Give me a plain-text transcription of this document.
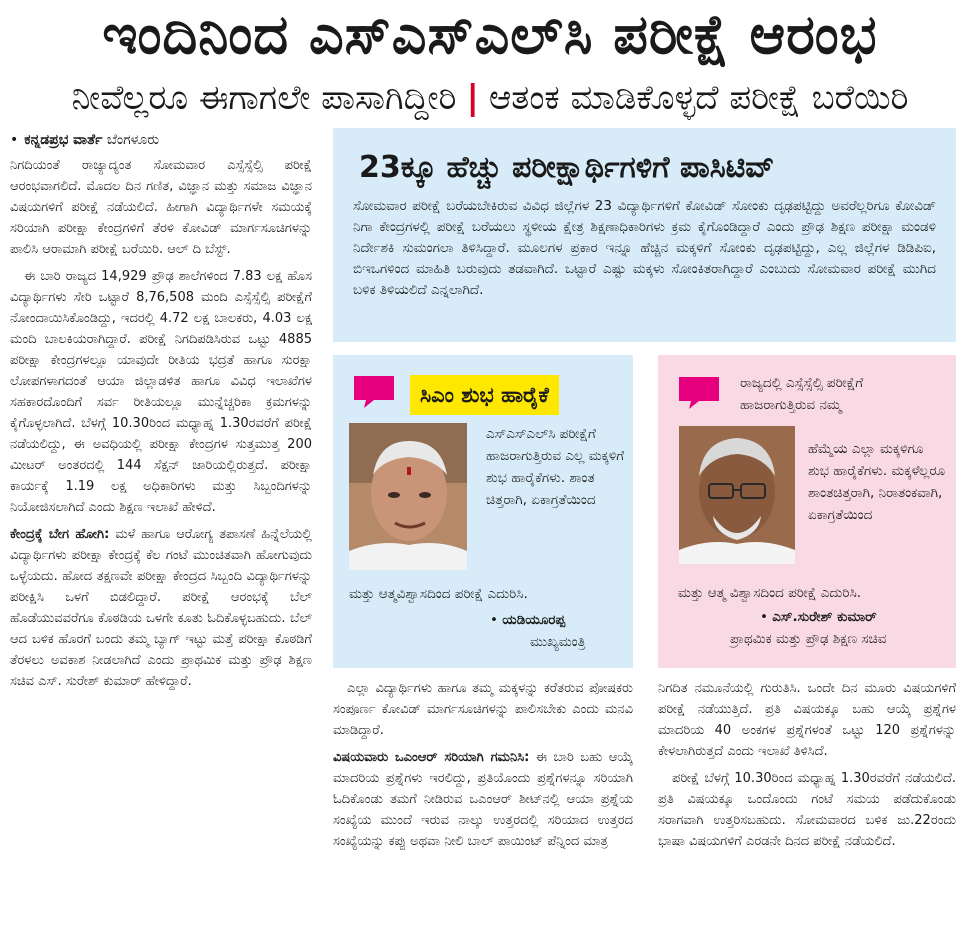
ಇಂದಿನಿಂದ ಎಸ್‌ಎಸ್‌ಎಲ್‌ಸಿ ಪರೀಕ್ಷೆ ಆರಂಭ
ನೀವೆಲ್ಲರೂ ಈಗಾಗಲೇ ಪಾಸಾಗಿದ್ದೀರಿ | ಆತಂಕ ಮಾಡಿಕೊಳ್ಳದೆ ಪರೀಕ್ಷೆ ಬರೆಯಿರಿ
• ಕನ್ನಡಪ್ರಭ ವಾರ್ತೆ ಬೆಂಗಳೂರು

ನಿಗದಿಯಂತೆ ರಾಜ್ಯಾದ್ಯಂತ ಸೋಮವಾರ ಎಸ್ಸೆಸ್ಸೆಲ್ಸಿ ಪರೀಕ್ಷೆ ಆರಂಭವಾಗಲಿದೆ. ಮೊದಲ ದಿನ ಗಣಿತ, ವಿಜ್ಞಾನ ಮತ್ತು ಸಮಾಜ ವಿಜ್ಞಾನ ವಿಷಯಗಳಿಗೆ ಪರೀಕ್ಷೆ ನಡೆಯಲಿದೆ. ಹೀಗಾಗಿ ವಿದ್ಯಾರ್ಥಿಗಳೇ ಸಮಯಕ್ಕೆ ಸರಿಯಾಗಿ ಪರೀಕ್ಷಾ ಕೇಂದ್ರಗಳಿಗೆ ತೆರಳಿ ಕೋವಿಡ್ ಮಾರ್ಗಸೂಚಿಗಳನ್ನು ಪಾಲಿಸಿ ಆರಾಮಾಗಿ ಪರೀಕ್ಷೆ ಬರೆಯಿರಿ. ಆಲ್ ದಿ ಬೆಸ್ಟ್.

ಈ ಬಾರಿ ರಾಜ್ಯದ 14,929 ಪ್ರೌಢ ಶಾಲೆಗಳಿಂದ 7.83 ಲಕ್ಷ ಹೊಸ ವಿದ್ಯಾರ್ಥಿಗಳು ಸೇರಿ ಒಟ್ಟಾರೆ 8,76,508 ಮಂದಿ ಎಸ್ಸೆಸ್ಸೆಲ್ಸಿ ಪರೀಕ್ಷೆಗೆ ನೋಂದಾಯಿಸಿಕೊಂಡಿದ್ದು, ಇದರಲ್ಲಿ 4.72 ಲಕ್ಷ ಬಾಲಕರು, 4.03 ಲಕ್ಷ ಮಂದಿ ಬಾಲಕಿಯರಾಗಿದ್ದಾರೆ. ಪರೀಕ್ಷೆ ನಿಗದಿಪಡಿಸಿರುವ ಒಟ್ಟು 4885 ಪರೀಕ್ಷಾ ಕೇಂದ್ರಗಳಲ್ಲೂ ಯಾವುದೇ ರೀತಿಯ ಭದ್ರತೆ ಹಾಗೂ ಸುರಕ್ಷಾ ಲೋಪಗಳಾಗದಂತೆ ಆಯಾ ಜಿಲ್ಲಾಡಳಿತ ಹಾಗೂ ವಿವಿಧ ಇಲಾಖೆಗಳ ಸಹಕಾರದೊಂದಿಗೆ ಸರ್ವ ರೀತಿಯಲ್ಲೂ ಮುನ್ನೆಚ್ಚರಿಕಾ ಕ್ರಮಗಳನ್ನು ಕೈಗೊಳ್ಳಲಾಗಿದೆ. ಬೆಳಗ್ಗೆ 10.30ರಿಂದ ಮಧ್ಯಾಹ್ನ 1.30ರವರೆಗೆ ಪರೀಕ್ಷೆ ನಡೆಯಲಿದ್ದು, ಈ ಅವಧಿಯಲ್ಲಿ ಪರೀಕ್ಷಾ ಕೇಂದ್ರಗಳ ಸುತ್ತಮುತ್ತ 200 ಮೀಟರ್ ಅಂತರದಲ್ಲಿ 144 ಸೆಕ್ಷನ್ ಜಾರಿಯಲ್ಲಿರುತ್ತದೆ. ಪರೀಕ್ಷಾ ಕಾರ್ಯಕ್ಕೆ 1.19 ಲಕ್ಷ ಅಧಿಕಾರಿಗಳು ಮತ್ತು ಸಿಬ್ಬಂದಿಗಳನ್ನು ನಿಯೋಜಿಸಲಾಗಿದೆ ಎಂದು ಶಿಕ್ಷಣ ಇಲಾಖೆ ಹೇಳಿದೆ.

ಕೇಂದ್ರಕ್ಕೆ ಬೇಗ ಹೋಗಿ: ಮಳೆ ಹಾಗೂ ಆರೋಗ್ಯ ತಪಾಸಣೆ ಹಿನ್ನೆಲೆಯಲ್ಲಿ ವಿದ್ಯಾರ್ಥಿಗಳು ಪರೀಕ್ಷಾ ಕೇಂದ್ರಕ್ಕೆ ಕೆಲ ಗಂಟೆ ಮುಂಚಿತವಾಗಿ ಹೋಗುವುದು ಒಳ್ಳೆಯದು. ಹೋದ ತಕ್ಷಣವೇ ಪರೀಕ್ಷಾ ಕೇಂದ್ರದ ಸಿಬ್ಬಂದಿ ವಿದ್ಯಾರ್ಥಿಗಳನ್ನು ಪರೀಕ್ಷಿಸಿ ಒಳಗೆ ಬಿಡಲಿದ್ದಾರೆ. ಪರೀಕ್ಷೆ ಆರಂಭಕ್ಕೆ ಬೆಲ್ ಹೊಡೆಯುವವರೆಗೂ ಕೊಠಡಿಯ ಒಳಗೇ ಕೂತು ಓದಿಕೊಳ್ಳಬಹುದು. ಬೆಲ್ ಆದ ಬಳಿಕ ಹೊರಗೆ ಬಂದು ತಮ್ಮ ಬ್ಯಾಗ್ ಇಟ್ಟು ಮತ್ತೆ ಪರೀಕ್ಷಾ ಕೊಠಡಿಗೆ ತೆರಳಲು ಅವಕಾಶ ನೀಡಲಾಗಿದೆ ಎಂದು ಪ್ರಾಥಮಿಕ ಮತ್ತು ಪ್ರೌಢ ಶಿಕ್ಷಣ ಸಚಿವ ಎಸ್. ಸುರೇಶ್ ಕುಮಾರ್ ಹೇಳಿದ್ದಾರೆ.

23ಕ್ಕೂ ಹೆಚ್ಚು ಪರೀಕ್ಷಾರ್ಥಿಗಳಿಗೆ ಪಾಸಿಟಿವ್
ಸೋಮವಾರ ಪರೀಕ್ಷೆ ಬರೆಯಬೇಕಿರುವ ವಿವಿಧ ಜಿಲ್ಲೆಗಳ 23 ವಿದ್ಯಾರ್ಥಿಗಳಿಗೆ ಕೋವಿಡ್ ಸೋಂಕು ದೃಢಪಟ್ಟಿದ್ದು ಅವರೆಲ್ಲರಿಗೂ ಕೋವಿಡ್ ನಿಗಾ ಕೇಂದ್ರಗಳಲ್ಲಿ ಪರೀಕ್ಷೆ ಬರೆಯಲು ಸ್ಥಳೀಯ ಕ್ಷೇತ್ರ ಶಿಕ್ಷಣಾಧಿಕಾರಿಗಳು ಕ್ರಮ ಕೈಗೊಂಡಿದ್ದಾರೆ ಎಂದು ಪ್ರೌಢ ಶಿಕ್ಷಣ ಪರೀಕ್ಷಾ ಮಂಡಳಿ ನಿರ್ದೇಶಕಿ ಸುಮಂಗಲಾ ತಿಳಿಸಿದ್ದಾರೆ. ಮೂಲಗಳ ಪ್ರಕಾರ ಇನ್ನೂ ಹೆಚ್ಚಿನ ಮಕ್ಕಳಿಗೆ ಸೋಂಕು ದೃಢಪಟ್ಟಿದ್ದು, ಎಲ್ಲ ಜಿಲ್ಲೆಗಳ ಡಿಡಿಪಿಐ, ಬಿಇಒಗಳಿಂದ ಮಾಹಿತಿ ಬರುವುದು ತಡವಾಗಿದೆ. ಒಟ್ಟಾರೆ ಎಷ್ಟು ಮಕ್ಕಳು ಸೋಂಕಿತರಾಗಿದ್ದಾರೆ ಎಂಬುದು ಸೋಮವಾರ ಪರೀಕ್ಷೆ ಮುಗಿದ ಬಳಿಕ ತಿಳಿಯಲಿದೆ ಎನ್ನಲಾಗಿದೆ.
ಸಿಎಂ ಶುಭ ಹಾರೈಕೆ
ಎಸ್‌ಎಸ್‌ಎಲ್‌ಸಿ ಪರೀಕ್ಷೆಗೆ ಹಾಜರಾಗುತ್ತಿರುವ ಎಲ್ಲ ಮಕ್ಕಳಿಗೆ ಶುಭ ಹಾರೈಕೆಗಳು. ಶಾಂತ ಚಿತ್ತರಾಗಿ, ಏಕಾಗ್ರತೆಯಿಂದ
ಮತ್ತು ಆತ್ಮವಿಶ್ವಾಸದಿಂದ ಪರೀಕ್ಷೆ ಎದುರಿಸಿ.
• ಯಡಿಯೂರಪ್ಪ
ಮುಖ್ಯಮಂತ್ರಿ
ರಾಜ್ಯದಲ್ಲಿ ಎಸ್ಸೆಸ್ಸೆಲ್ಸಿ ಪರೀಕ್ಷೆಗೆ ಹಾಜರಾಗುತ್ತಿರುವ ನಮ್ಮ
ಹೆಮ್ಮೆಯ ಎಲ್ಲಾ ಮಕ್ಕಳಿಗೂ ಶುಭ ಹಾರೈಕೆಗಳು. ಮಕ್ಕಳೆಲ್ಲರೂ ಶಾಂತಚಿತ್ತರಾಗಿ, ನಿರಾತಂಕವಾಗಿ, ಏಕಾಗ್ರತೆಯಿಂದ
ಮತ್ತು ಆತ್ಮ ವಿಶ್ವಾಸದಿಂದ ಪರೀಕ್ಷೆ ಎದುರಿಸಿ.
• ಎಸ್.ಸುರೇಶ್ ಕುಮಾರ್
ಪ್ರಾಥಮಿಕ ಮತ್ತು ಪ್ರೌಢ ಶಿಕ್ಷಣ ಸಚಿವ

ಎಲ್ಲಾ ವಿದ್ಯಾರ್ಥಿಗಳು ಹಾಗೂ ತಮ್ಮ ಮಕ್ಕಳನ್ನು ಕರೆತರುವ ಪೋಷಕರು ಸಂಪೂರ್ಣ ಕೋವಿಡ್ ಮಾರ್ಗಸೂಚಿಗಳನ್ನು ಪಾಲಿಸಬೇಕು ಎಂದು ಮನವಿ ಮಾಡಿದ್ದಾರೆ.

ವಿಷಯವಾರು ಒಎಂಆರ್ ಸರಿಯಾಗಿ ಗಮನಿಸಿ: ಈ ಬಾರಿ ಬಹು ಆಯ್ಕೆ ಮಾದರಿಯ ಪ್ರಶ್ನೆಗಳು ಇರಲಿದ್ದು, ಪ್ರತಿಯೊಂದು ಪ್ರಶ್ನೆಗಳನ್ನೂ ಸರಿಯಾಗಿ ಓದಿಕೊಂಡು ತಮಗೆ ನೀಡಿರುವ ಒಎಂಆರ್ ಶೀಟ್‌ನಲ್ಲಿ ಆಯಾ ಪ್ರಶ್ನೆಯ ಸಂಖ್ಯೆಯ ಮುಂದೆ ಇರುವ ನಾಲ್ಕು ಉತ್ತರದಲ್ಲಿ ಸರಿಯಾದ ಉತ್ತರದ ಸಂಖ್ಯೆಯನ್ನು ಕಪ್ಪು ಅಥವಾ ನೀಲಿ ಬಾಲ್ ಪಾಯಿಂಟ್ ಪೆನ್ನಿಂದ ಮಾತ್ರ

ನಿಗದಿತ ನಮೂನೆಯಲ್ಲಿ ಗುರುತಿಸಿ. ಒಂದೇ ದಿನ ಮೂರು ವಿಷಯಗಳಿಗೆ ಪರೀಕ್ಷೆ ನಡೆಯುತ್ತಿದೆ. ಪ್ರತಿ ವಿಷಯಕ್ಕೂ ಬಹು ಆಯ್ಕೆ ಪ್ರಶ್ನೆಗಳ ಮಾದರಿಯ 40 ಅಂಕಗಳ ಪ್ರಶ್ನೆಗಳಂತೆ ಒಟ್ಟು 120 ಪ್ರಶ್ನೆಗಳನ್ನು ಕೇಳಲಾಗಿರುತ್ತದೆ ಎಂದು ಇಲಾಖೆ ತಿಳಿಸಿದೆ.

ಪರೀಕ್ಷೆ ಬೆಳಗ್ಗೆ 10.30ರಿಂದ ಮಧ್ಯಾಹ್ನ 1.30ರವರೆಗೆ ನಡೆಯಲಿದೆ. ಪ್ರತಿ ವಿಷಯಕ್ಕೂ ಒಂದೊಂದು ಗಂಟೆ ಸಮಯ ಪಡೆದುಕೊಂಡು ಸರಾಗವಾಗಿ ಉತ್ತರಿಸಬಹುದು. ಸೋಮವಾರದ ಬಳಿಕ ಜು.22ರಂದು ಭಾಷಾ ವಿಷಯಗಳಿಗೆ ಎರಡನೇ ದಿನದ ಪರೀಕ್ಷೆ ನಡೆಯಲಿದೆ.
